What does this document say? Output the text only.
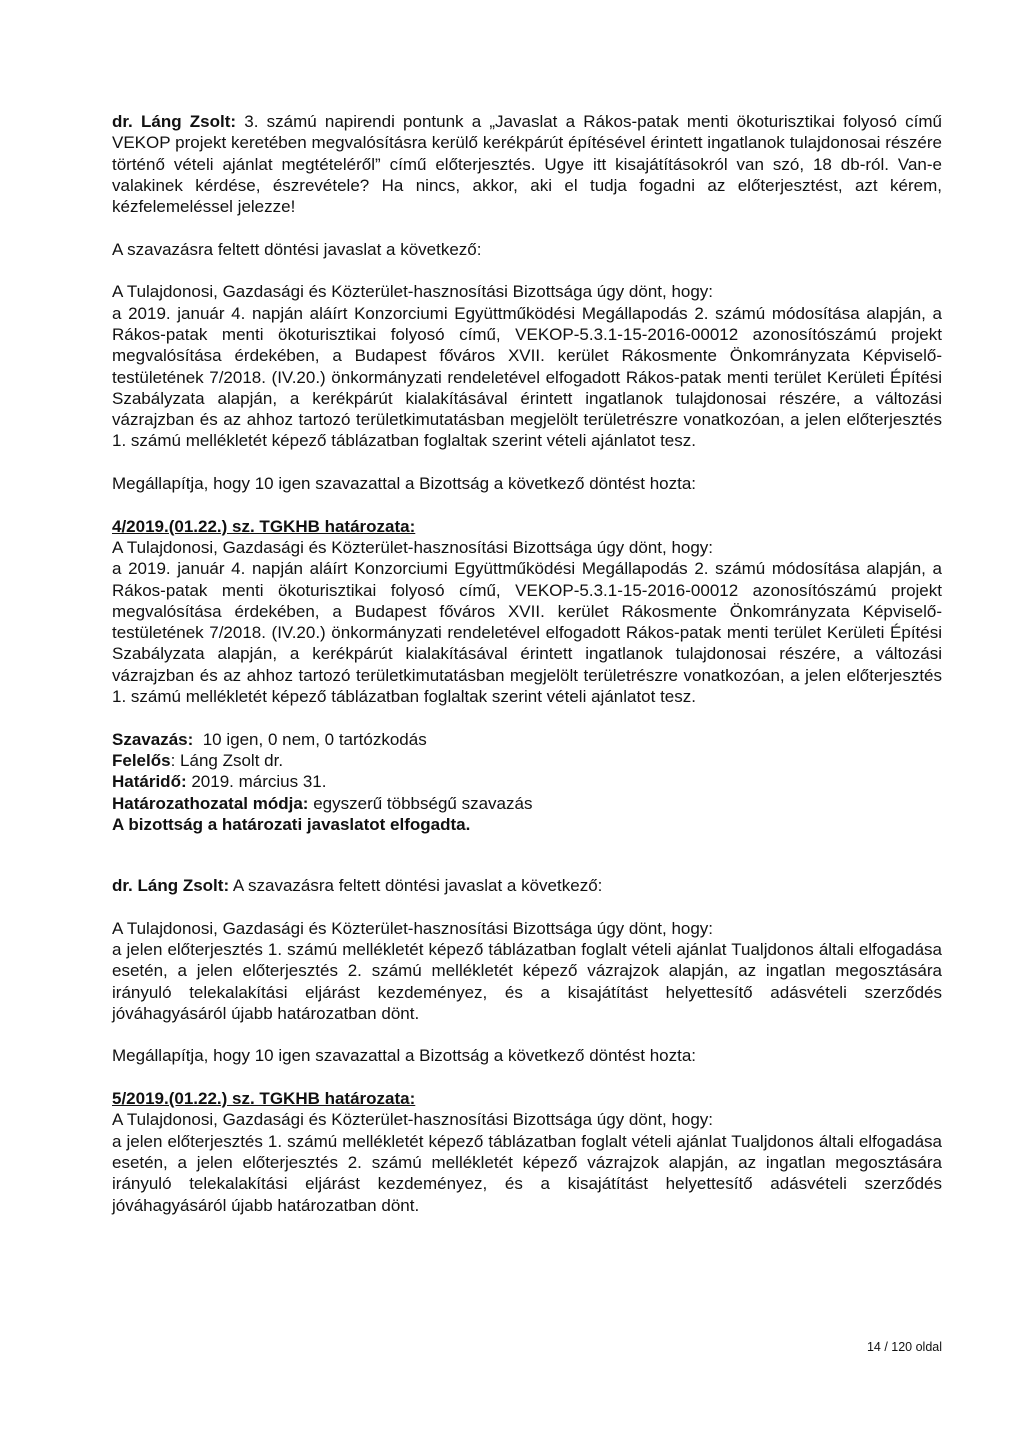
dr. Láng Zsolt: 3. számú napirendi pontunk a „Javaslat a Rákos-patak menti ökoturisztikai folyosó című VEKOP projekt keretében megvalósításra kerülő kerékpárút építésével érintett ingatlanok tulajdonosai részére történő vételi ajánlat megtételéről” című előterjesztés. Ugye itt kisajátításokról van szó, 18 db-ról. Van-e valakinek kérdése, észrevétele? Ha nincs, akkor, aki el tudja fogadni az előterjesztést, azt kérem, kézfelemeléssel jelezze!

A szavazásra feltett döntési javaslat a következő:

A Tulajdonosi, Gazdasági és Közterület-hasznosítási Bizottsága úgy dönt, hogy:

a 2019. január 4. napján aláírt Konzorciumi Együttműködési Megállapodás 2. számú módosítása alapján, a Rákos-patak menti ökoturisztikai folyosó című, VEKOP-5.3.1-15-2016-00012 azonosítószámú projekt megvalósítása érdekében, a Budapest főváros XVII. kerület Rákosmente Önkomrányzata Képviselő-testületének 7/2018. (IV.20.) önkormányzati rendeletével elfogadott Rákos-patak menti terület Kerületi Építési Szabályzata alapján, a kerékpárút kialakításával érintett ingatlanok tulajdonosai részére, a változási vázrajzban és az ahhoz tartozó területkimutatásban megjelölt területrészre vonatkozóan, a jelen előterjesztés 1. számú mellékletét képező táblázatban foglaltak szerint vételi ajánlatot tesz.

Megállapítja, hogy 10 igen szavazattal a Bizottság a következő döntést hozta:

4/2019.(01.22.) sz. TGKHB határozata:

A Tulajdonosi, Gazdasági és Közterület-hasznosítási Bizottsága úgy dönt, hogy:

a 2019. január 4. napján aláírt Konzorciumi Együttműködési Megállapodás 2. számú módosítása alapján, a Rákos-patak menti ökoturisztikai folyosó című, VEKOP-5.3.1-15-2016-00012 azonosítószámú projekt megvalósítása érdekében, a Budapest főváros XVII. kerület Rákosmente Önkomrányzata Képviselő-testületének 7/2018. (IV.20.) önkormányzati rendeletével elfogadott Rákos-patak menti terület Kerületi Építési Szabályzata alapján, a kerékpárút kialakításával érintett ingatlanok tulajdonosai részére, a változási vázrajzban és az ahhoz tartozó területkimutatásban megjelölt területrészre vonatkozóan, a jelen előterjesztés 1. számú mellékletét képező táblázatban foglaltak szerint vételi ajánlatot tesz.

Szavazás:  10 igen, 0 nem, 0 tartózkodás

Felelős: Láng Zsolt dr.

Határidő: 2019. március 31.

Határozathozatal módja: egyszerű többségű szavazás

A bizottság a határozati javaslatot elfogadta.

dr. Láng Zsolt: A szavazásra feltett döntési javaslat a következő:

A Tulajdonosi, Gazdasági és Közterület-hasznosítási Bizottsága úgy dönt, hogy:

a jelen előterjesztés 1. számú mellékletét képező táblázatban foglalt vételi ajánlat Tualjdonos általi elfogadása esetén, a jelen előterjesztés 2. számú mellékletét képező vázrajzok alapján, az ingatlan megosztására irányuló telekalakítási eljárást kezdeményez, és a kisajátítást helyettesítő adásvételi szerződés jóváhagyásáról újabb határozatban dönt.

Megállapítja, hogy 10 igen szavazattal a Bizottság a következő döntést hozta:

5/2019.(01.22.) sz. TGKHB határozata:

A Tulajdonosi, Gazdasági és Közterület-hasznosítási Bizottsága úgy dönt, hogy:

a jelen előterjesztés 1. számú mellékletét képező táblázatban foglalt vételi ajánlat Tualjdonos általi elfogadása esetén, a jelen előterjesztés 2. számú mellékletét képező vázrajzok alapján, az ingatlan megosztására irányuló telekalakítási eljárást kezdeményez, és a kisajátítást helyettesítő adásvételi szerződés jóváhagyásáról újabb határozatban dönt.

14 / 120 oldal
